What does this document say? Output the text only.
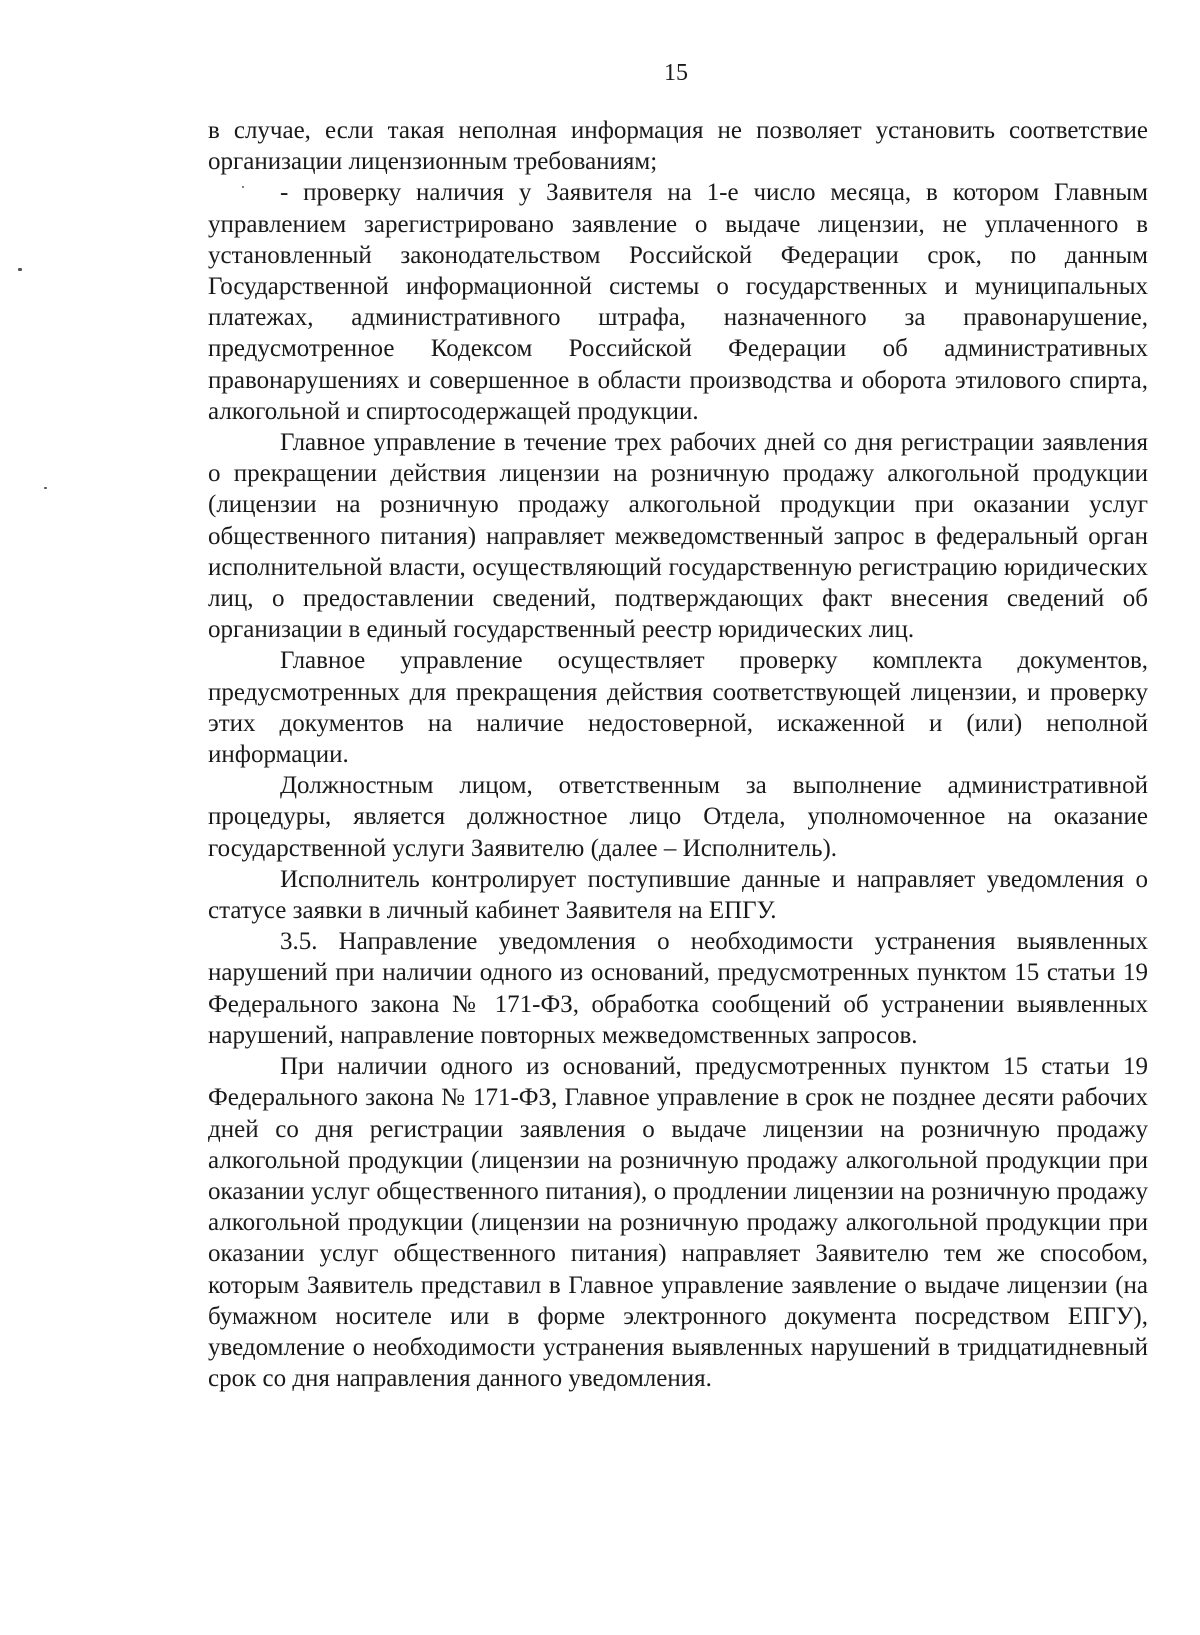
15

в случае, если такая неполная информация не позволяет установить соответствие организации лицензионным требованиям;

- проверку наличия у Заявителя на 1-е число месяца, в котором Главным управлением зарегистрировано заявление о выдаче лицензии, не уплаченного в установленный законодательством Российской Федерации срок, по данным Государственной информационной системы о государственных и муниципальных платежах, административного штрафа, назначенного за правонарушение, предусмотренное Кодексом Российской Федерации об административных правонарушениях и совершенное в области производства и оборота этилового спирта, алкогольной и спиртосодержащей продукции.

Главное управление в течение трех рабочих дней со дня регистрации заявления о прекращении действия лицензии на розничную продажу алкогольной продукции (лицензии на розничную продажу алкогольной продукции при оказании услуг общественного питания) направляет межведомственный запрос в федеральный орган исполнительной власти, осуществляющий государственную регистрацию юридических лиц, о предоставлении сведений, подтверждающих факт внесения сведений об организации в единый государственный реестр юридических лиц.

Главное управление осуществляет проверку комплекта документов, предусмотренных для прекращения действия соответствующей лицензии, и проверку этих документов на наличие недостоверной, искаженной и (или) неполной информации.

Должностным лицом, ответственным за выполнение административной процедуры, является должностное лицо Отдела, уполномоченное на оказание государственной услуги Заявителю (далее – Исполнитель).

Исполнитель контролирует поступившие данные и направляет уведомления о статусе заявки в личный кабинет Заявителя на ЕПГУ.

3.5. Направление уведомления о необходимости устранения выявленных нарушений при наличии одного из оснований, предусмотренных пунктом 15 статьи 19 Федерального закона № 171-ФЗ, обработка сообщений об устранении выявленных нарушений, направление повторных межведомственных запросов.

При наличии одного из оснований, предусмотренных пунктом 15 статьи 19 Федерального закона № 171-ФЗ, Главное управление в срок не позднее десяти рабочих дней со дня регистрации заявления о выдаче лицензии на розничную продажу алкогольной продукции (лицензии на розничную продажу алкогольной продукции при оказании услуг общественного питания), о продлении лицензии на розничную продажу алкогольной продукции (лицензии на розничную продажу алкогольной продукции при оказании услуг общественного питания) направляет Заявителю тем же способом, которым Заявитель представил в Главное управление заявление о выдаче лицензии (на бумажном носителе или в форме электронного документа посредством ЕПГУ), уведомление о необходимости устранения выявленных нарушений в тридцатидневный срок со дня направления данного уведомления.
